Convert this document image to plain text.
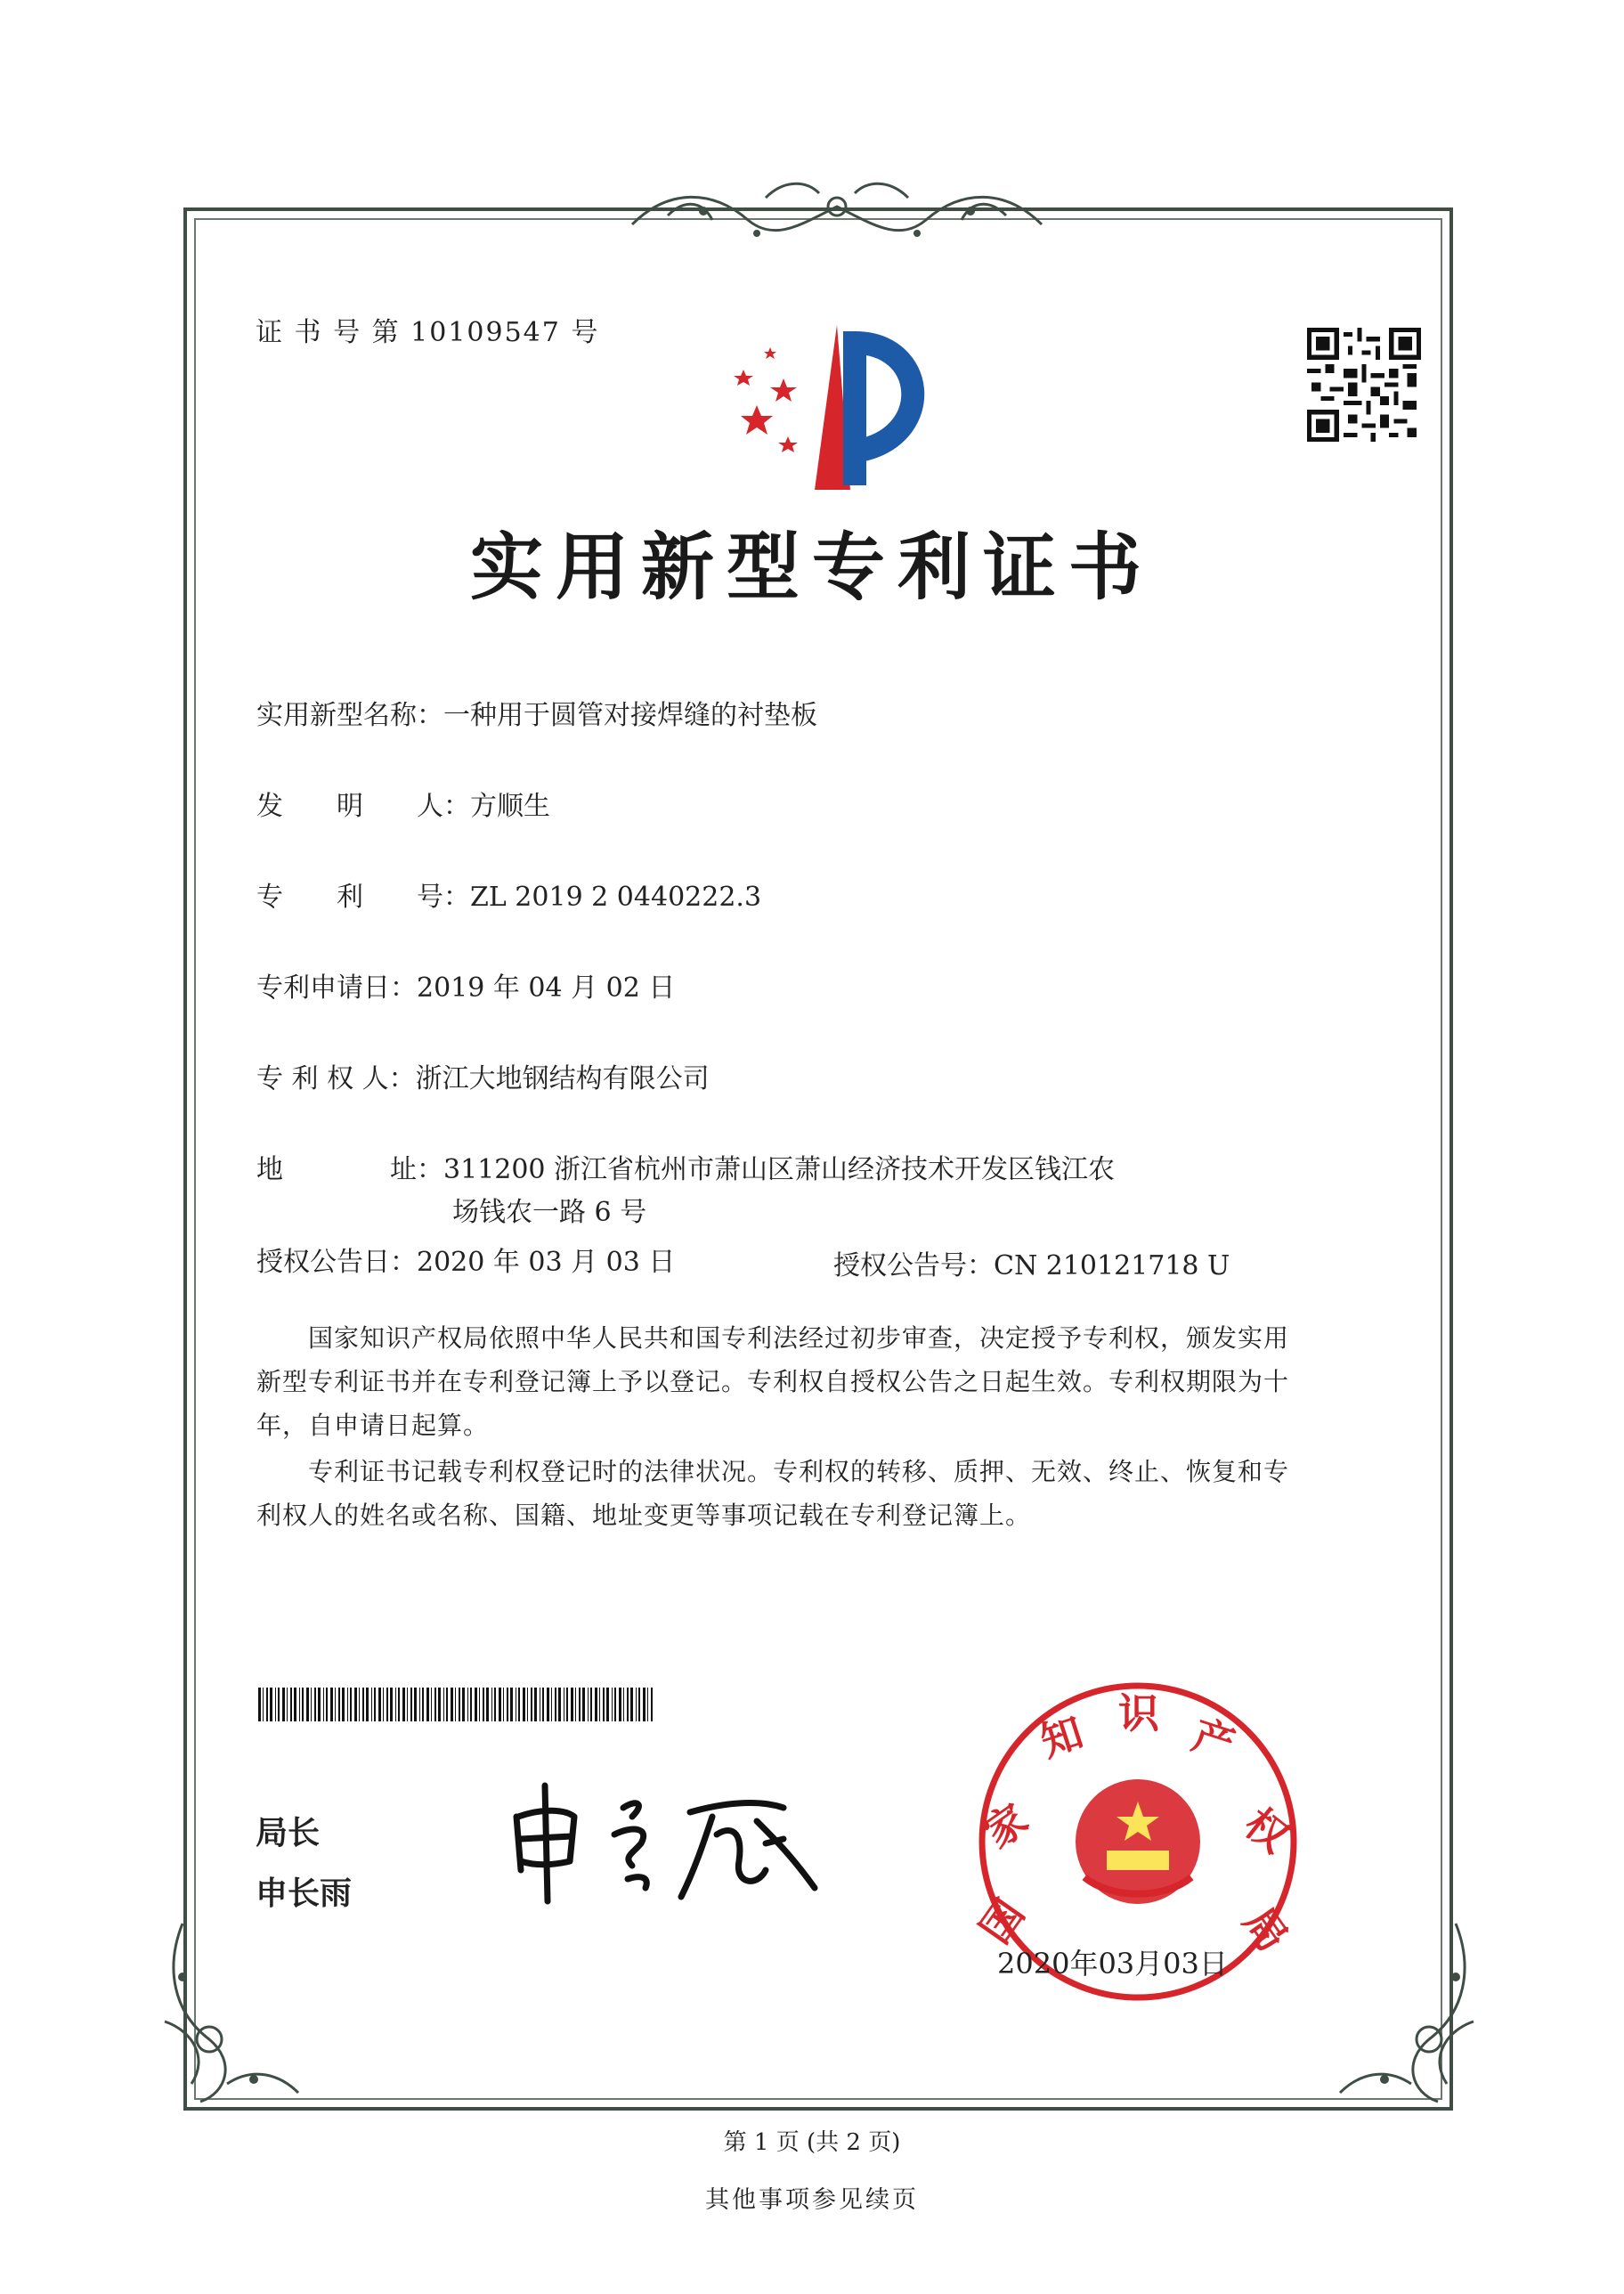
证 书 号 第 10109547 号
实用新型专利证书
实用新型名称：一种用于圆管对接焊缝的衬垫板
发　　明　　人：方顺生
专　　利　　号：ZL 2019 2 0440222.3
专利申请日：2019 年 04 月 02 日
专 利 权 人：浙江大地钢结构有限公司
地　　　　址：311200 浙江省杭州市萧山区萧山经济技术开发区钱江农
场钱农一路 6 号
授权公告日：2020 年 03 月 03 日	授权公告号：CN 210121718 U
　　国家知识产权局依照中华人民共和国专利法经过初步审查，决定授予专利权，颁发实用
新型专利证书并在专利登记簿上予以登记。专利权自授权公告之日起生效。专利权期限为十
年，自申请日起算。
　　专利证书记载专利权登记时的法律状况。专利权的转移、质押、无效、终止、恢复和专
利权人的姓名或名称、国籍、地址变更等事项记载在专利登记簿上。
局长
申长雨	国
家
知 识 产
权
局
2020年03月03日
第 1 页 (共 2 页)
其他事项参见续页
